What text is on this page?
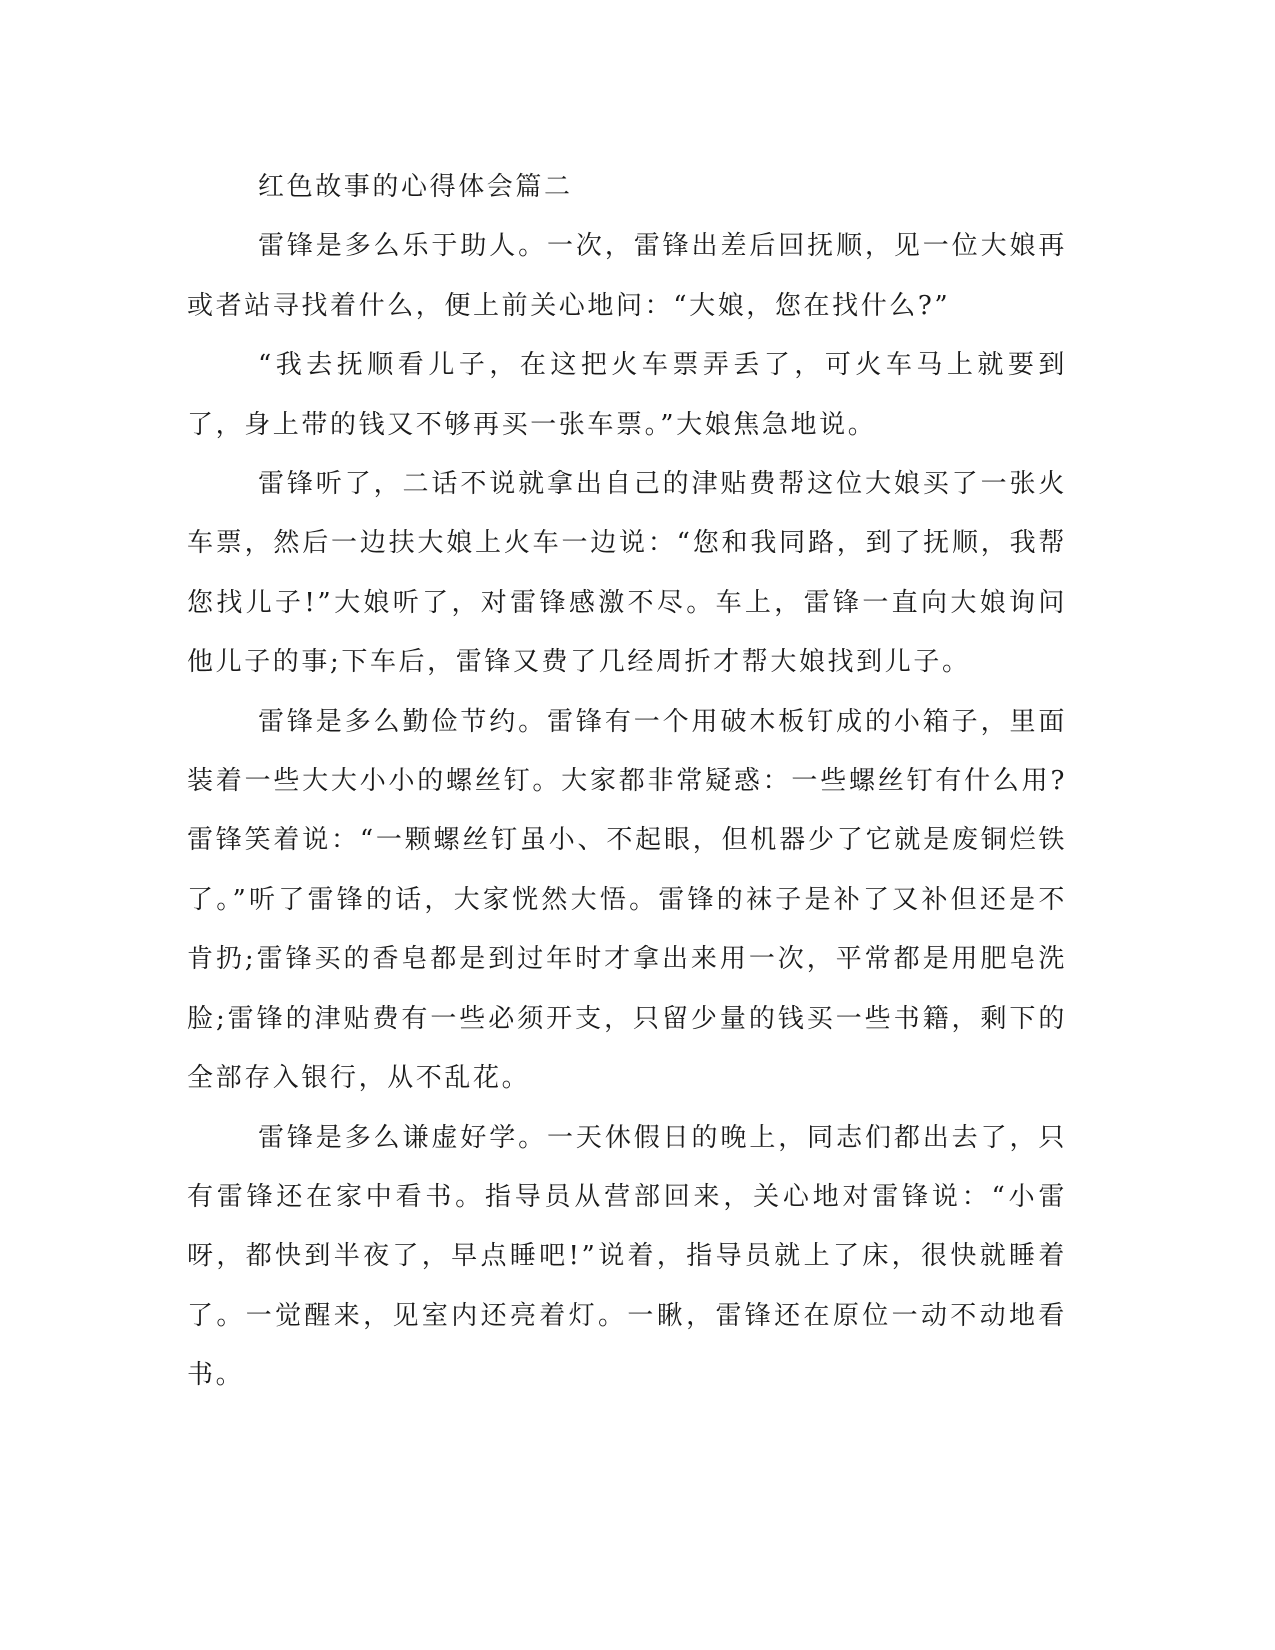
红色故事的心得体会篇二

雷锋是多么乐于助人。一次，雷锋出差后回抚顺，见一位大娘再或者站寻找着什么，便上前关心地问：“大娘，您在找什么?”

“我去抚顺看儿子，在这把火车票弄丢了，可火车马上就要到了，身上带的钱又不够再买一张车票。”大娘焦急地说。

雷锋听了，二话不说就拿出自己的津贴费帮这位大娘买了一张火车票，然后一边扶大娘上火车一边说：“您和我同路，到了抚顺，我帮您找儿子!”大娘听了，对雷锋感激不尽。车上，雷锋一直向大娘询问他儿子的事;下车后，雷锋又费了几经周折才帮大娘找到儿子。

雷锋是多么勤俭节约。雷锋有一个用破木板钉成的小箱子，里面装着一些大大小小的螺丝钉。大家都非常疑惑：一些螺丝钉有什么用?雷锋笑着说：“一颗螺丝钉虽小、不起眼，但机器少了它就是废铜烂铁了。”听了雷锋的话，大家恍然大悟。雷锋的袜子是补了又补但还是不肯扔;雷锋买的香皂都是到过年时才拿出来用一次，平常都是用肥皂洗脸;雷锋的津贴费有一些必须开支，只留少量的钱买一些书籍，剩下的全部存入银行，从不乱花。

雷锋是多么谦虚好学。一天休假日的晚上，同志们都出去了，只有雷锋还在家中看书。指导员从营部回来，关心地对雷锋说：“小雷呀，都快到半夜了，早点睡吧!”说着，指导员就上了床，很快就睡着了。一觉醒来，见室内还亮着灯。一瞅，雷锋还在原位一动不动地看书。
